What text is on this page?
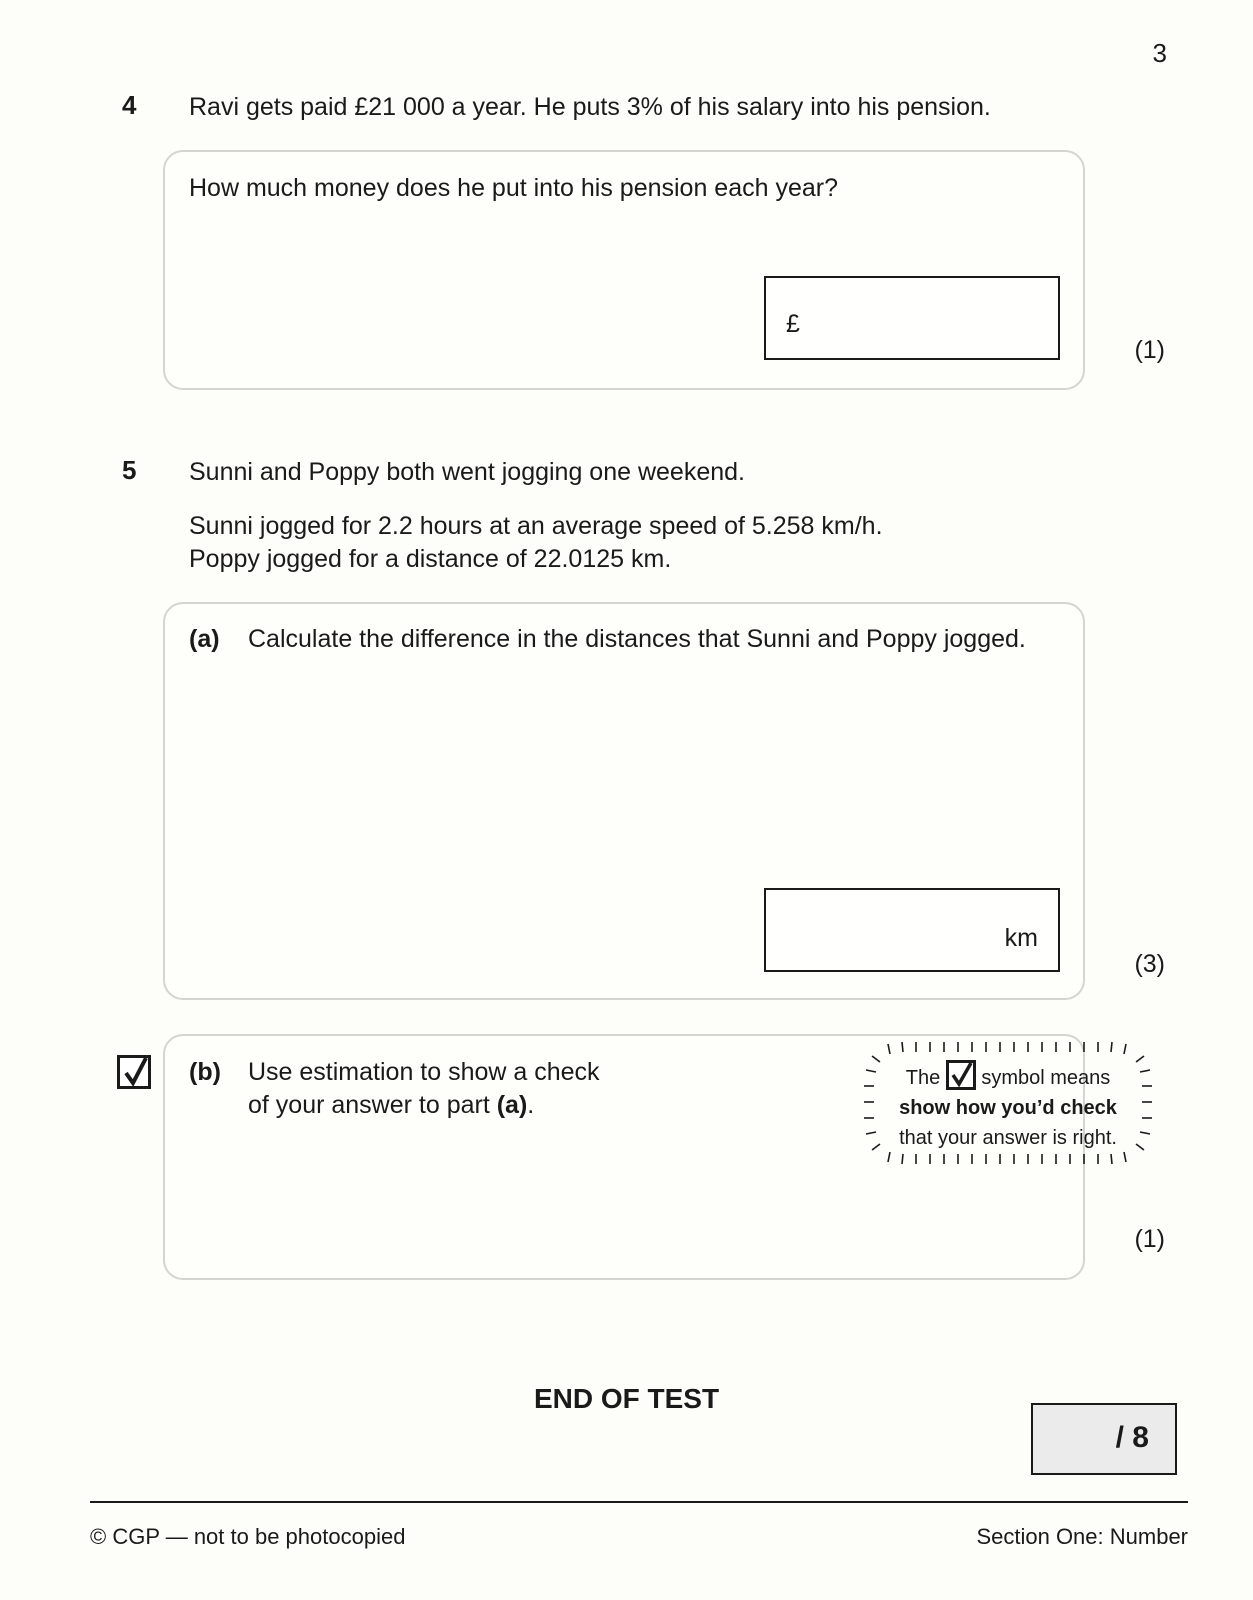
3
4 Ravi gets paid £21 000 a year. He puts 3% of his salary into his pension.
How much money does he put into his pension each year?
£
(1)
5 Sunni and Poppy both went jogging one weekend.
Sunni jogged for 2.2 hours at an average speed of 5.258 km/h.
Poppy jogged for a distance of 22.0125 km.
(a) Calculate the difference in the distances that Sunni and Poppy jogged.
km
(3)
(b) Use estimation to show a check
of your answer to part (a).
(1)
The symbol means
show how you’d check
that your answer is right.
END OF TEST
/ 8
© CGP — not to be photocopied	Section One: Number
